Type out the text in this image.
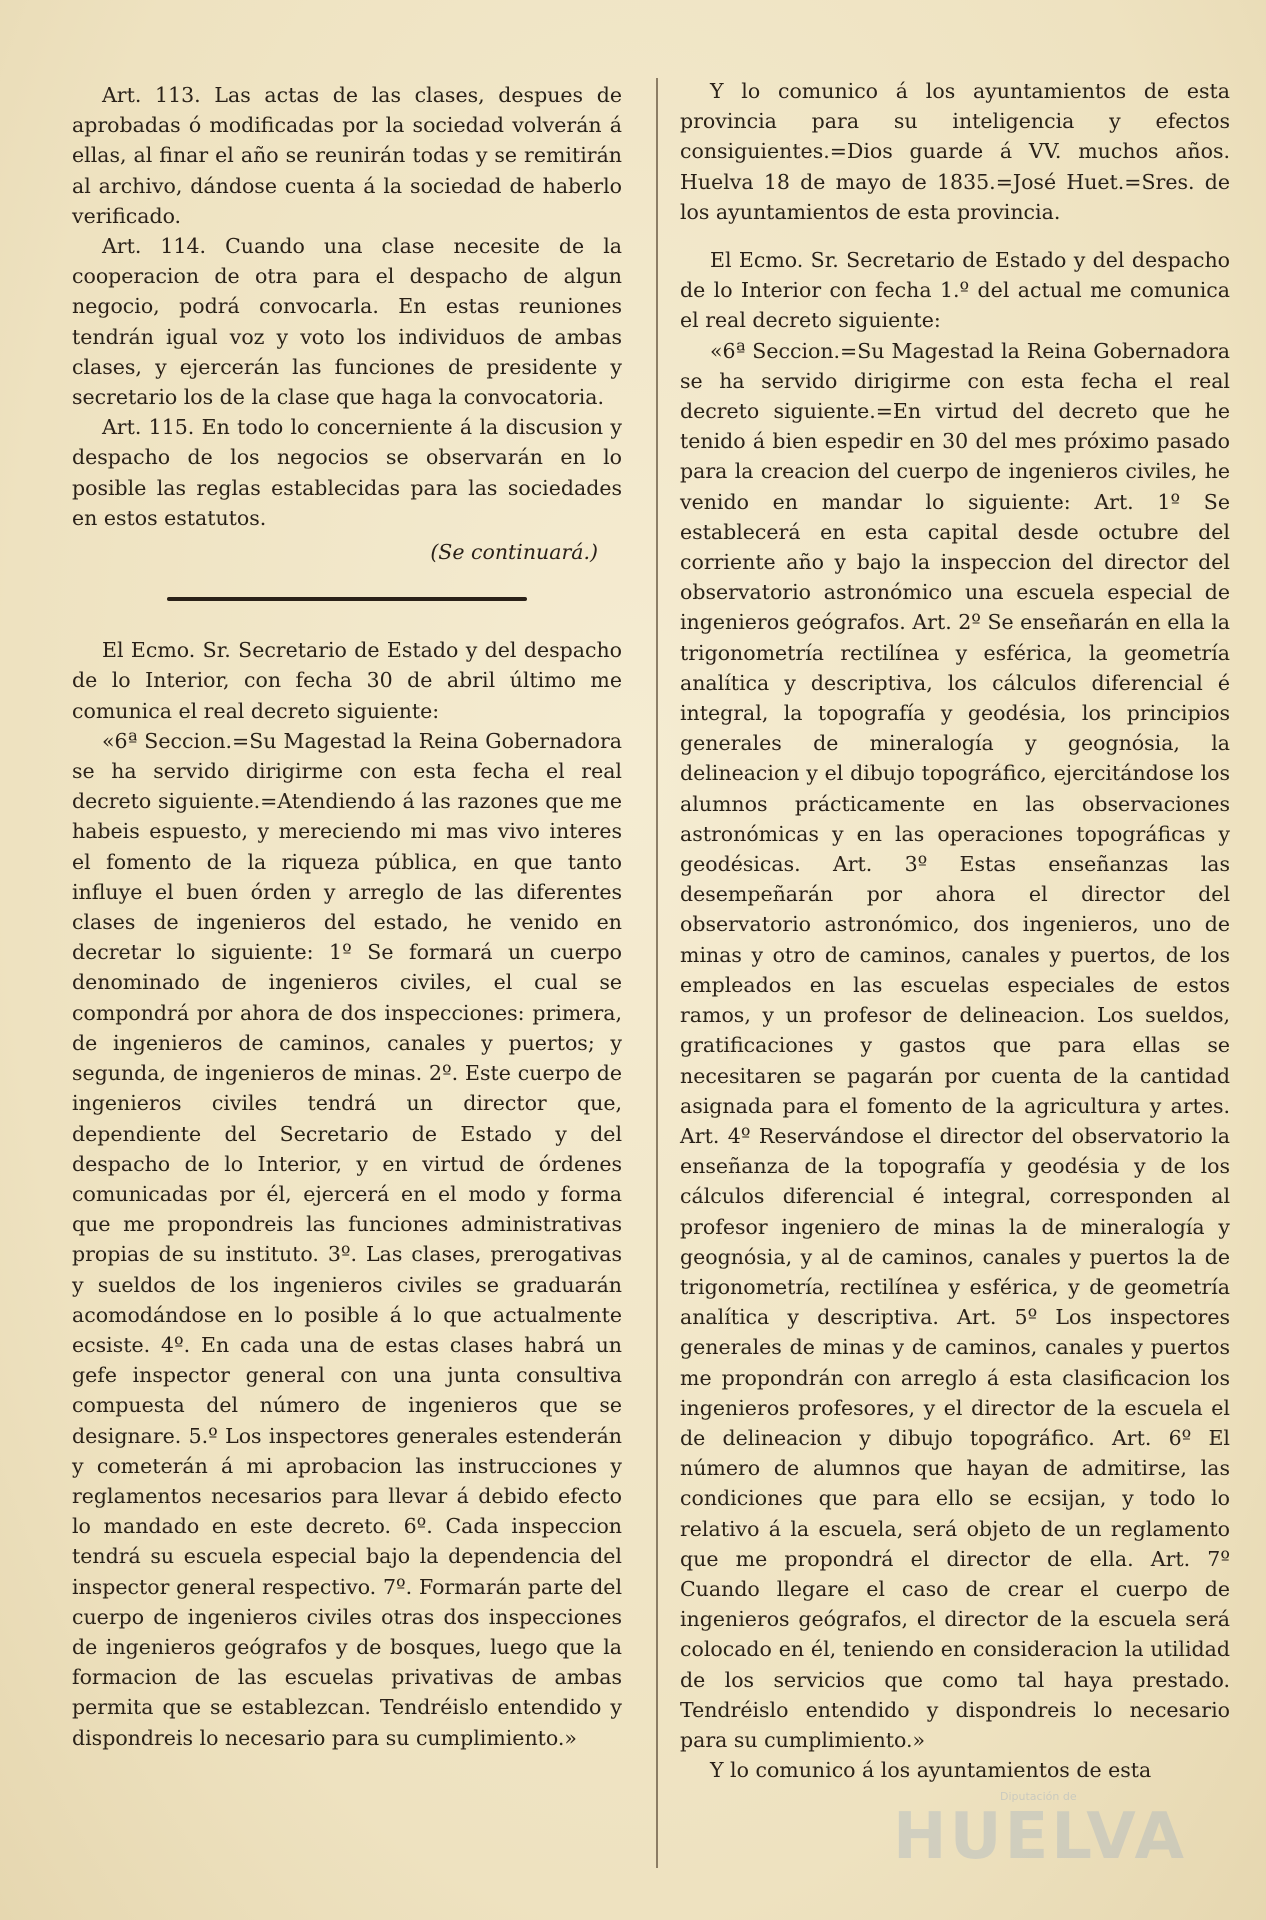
Art. 113. Las actas de las clases, despues de aprobadas ó modificadas por la sociedad volverán á ellas, al finar el año se reunirán todas y se remitirán al archivo, dándose cuenta á la sociedad de haberlo verificado.

Art. 114. Cuando una clase necesite de la cooperacion de otra para el despacho de algun negocio, podrá convocarla. En estas reuniones tendrán igual voz y voto los individuos de ambas clases, y ejercerán las funciones de presidente y secretario los de la clase que haga la convocatoria.

Art. 115. En todo lo concerniente á la discusion y despacho de los negocios se observarán en lo posible las reglas establecidas para las sociedades en estos estatutos.

(Se continuará.)

El Ecmo. Sr. Secretario de Estado y del despacho de lo Interior, con fecha 30 de abril último me comunica el real decreto siguiente:

«6ª Seccion.=Su Magestad la Reina Gobernadora se ha servido dirigirme con esta fecha el real decreto siguiente.=Atendiendo á las razones que me habeis espuesto, y mereciendo mi mas vivo interes el fomento de la riqueza pública, en que tanto influye el buen órden y arreglo de las diferentes clases de ingenieros del estado, he venido en decretar lo siguiente: 1º Se formará un cuerpo denominado de ingenieros civiles, el cual se compondrá por ahora de dos inspecciones: primera, de ingenieros de caminos, canales y puertos; y segunda, de ingenieros de minas. 2º. Este cuerpo de ingenieros civiles tendrá un director que, dependiente del Secretario de Estado y del despacho de lo Interior, y en virtud de órdenes comunicadas por él, ejercerá en el modo y forma que me propondreis las funciones administrativas propias de su instituto. 3º. Las clases, prerogativas y sueldos de los ingenieros civiles se graduarán acomodándose en lo posible á lo que actualmente ecsiste. 4º. En cada una de estas clases habrá un gefe inspector general con una junta consultiva compuesta del número de ingenieros que se designare. 5.º Los inspectores generales estenderán y cometerán á mi aprobacion las instrucciones y reglamentos necesarios para llevar á debido efecto lo mandado en este decreto. 6º. Cada inspeccion tendrá su escuela especial bajo la dependencia del inspector general respectivo. 7º. Formarán parte del cuerpo de ingenieros civiles otras dos inspecciones de ingenieros geógrafos y de bosques, luego que la formacion de las escuelas privativas de ambas permita que se establezcan. Tendréislo entendido y dispondreis lo necesario para su cumplimiento.»

Y lo comunico á los ayuntamientos de esta provincia para su inteligencia y efectos consiguientes.=Dios guarde á VV. muchos años. Huelva 18 de mayo de 1835.=José Huet.=Sres. de los ayuntamientos de esta provincia.

El Ecmo. Sr. Secretario de Estado y del despacho de lo Interior con fecha 1.º del actual me comunica el real decreto siguiente:

«6ª Seccion.=Su Magestad la Reina Gobernadora se ha servido dirigirme con esta fecha el real decreto siguiente.=En virtud del decreto que he tenido á bien espedir en 30 del mes próximo pasado para la creacion del cuerpo de ingenieros civiles, he venido en mandar lo siguiente: Art. 1º Se establecerá en esta capital desde octubre del corriente año y bajo la inspeccion del director del observatorio astronómico una escuela especial de ingenieros geógrafos. Art. 2º Se enseñarán en ella la trigonometría rectilínea y esférica, la geometría analítica y descriptiva, los cálculos diferencial é integral, la topografía y geodésia, los principios generales de mineralogía y geognósia, la delineacion y el dibujo topográfico, ejercitándose los alumnos prácticamente en las observaciones astronómicas y en las operaciones topográficas y geodésicas. Art. 3º Estas enseñanzas las desempeñarán por ahora el director del observatorio astronómico, dos ingenieros, uno de minas y otro de caminos, canales y puertos, de los empleados en las escuelas especiales de estos ramos, y un profesor de delineacion. Los sueldos, gratificaciones y gastos que para ellas se necesitaren se pagarán por cuenta de la cantidad asignada para el fomento de la agricultura y artes. Art. 4º Reservándose el director del observatorio la enseñanza de la topografía y geodésia y de los cálculos diferencial é integral, corresponden al profesor ingeniero de minas la de mineralogía y geognósia, y al de caminos, canales y puertos la de trigonometría, rectilínea y esférica, y de geometría analítica y descriptiva. Art. 5º Los inspectores generales de minas y de caminos, canales y puertos me propondrán con arreglo á esta clasificacion los ingenieros profesores, y el director de la escuela el de delineacion y dibujo topográfico. Art. 6º El número de alumnos que hayan de admitirse, las condiciones que para ello se ecsijan, y todo lo relativo á la escuela, será objeto de un reglamento que me propondrá el director de ella. Art. 7º Cuando llegare el caso de crear el cuerpo de ingenieros geógrafos, el director de la escuela será colocado en él, teniendo en consideracion la utilidad de los servicios que como tal haya prestado. Tendréislo entendido y dispondreis lo necesario para su cumplimiento.»

Y lo comunico á los ayuntamientos de esta

Diputación de
HUELVA
